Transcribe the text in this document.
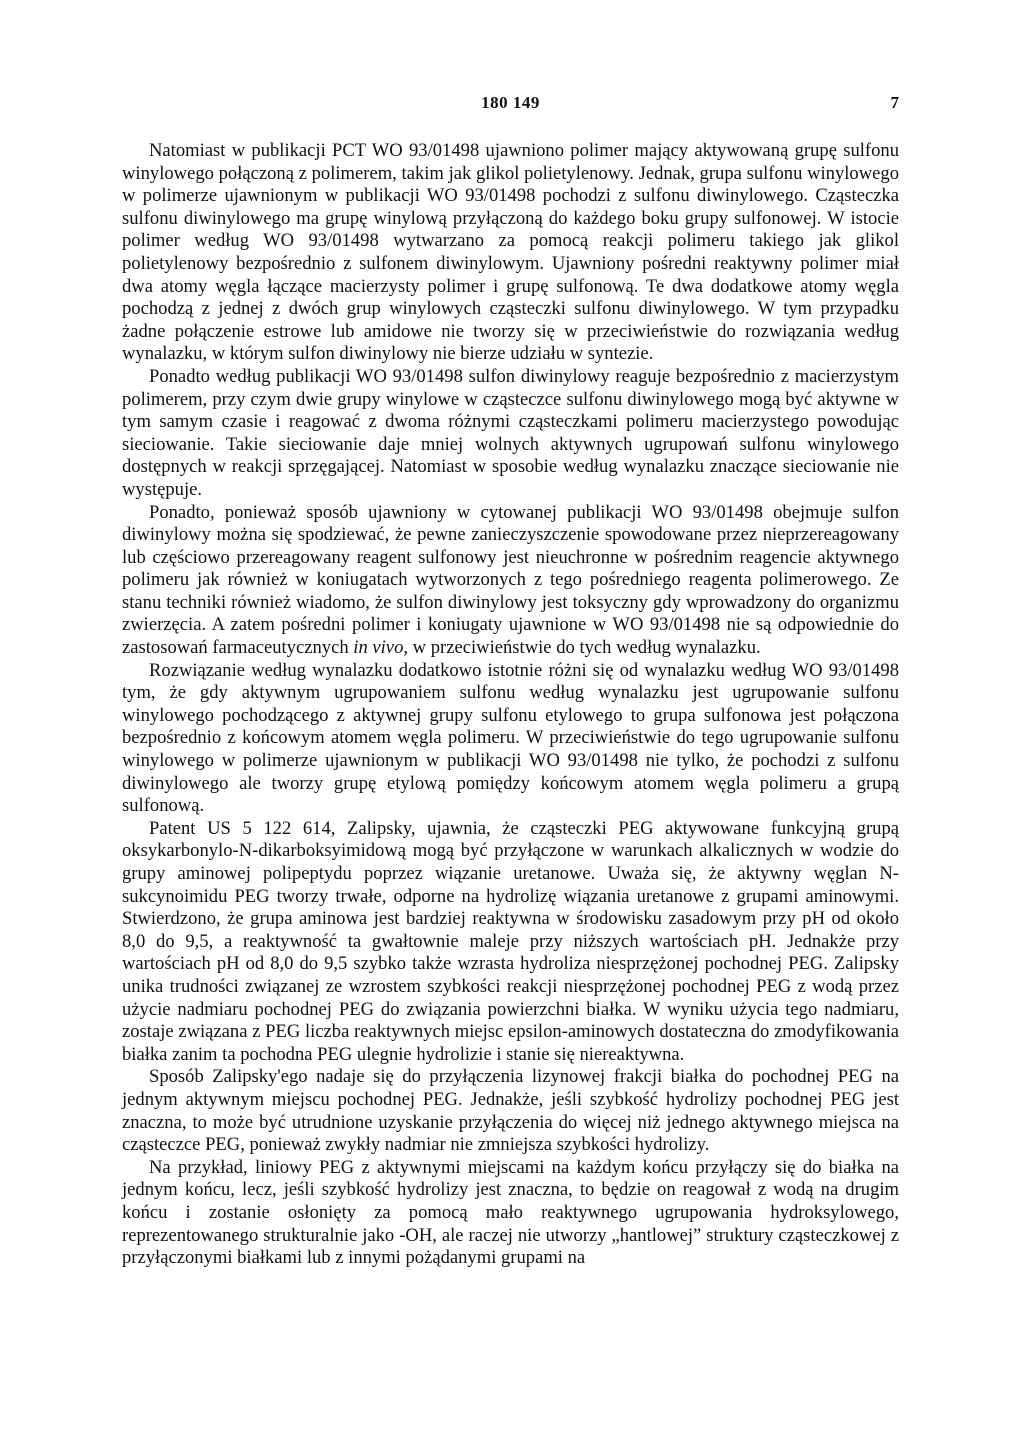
180 149	7

Natomiast w publikacji PCT WO 93/01498 ujawniono polimer mający aktywowaną grupę sulfonu winylowego połączoną z polimerem, takim jak glikol polietylenowy. Jednak, grupa sulfonu winylowego w polimerze ujawnionym w publikacji WO 93/01498 pochodzi z sulfonu diwinylowego. Cząsteczka sulfonu diwinylowego ma grupę winylową przyłączoną do każdego boku grupy sulfonowej. W istocie polimer według WO 93/01498 wytwarzano za pomocą reakcji polimeru takiego jak glikol polietylenowy bezpośrednio z sulfonem diwinylowym. Ujawniony pośredni reaktywny polimer miał dwa atomy węgla łączące macierzysty polimer i grupę sulfonową. Te dwa dodatkowe atomy węgla pochodzą z jednej z dwóch grup winylowych cząsteczki sulfonu diwinylowego. W tym przypadku żadne połączenie estrowe lub amidowe nie tworzy się w przeciwieństwie do rozwiązania według wynalazku, w którym sulfon diwinylowy nie bierze udziału w syntezie.

Ponadto według publikacji WO 93/01498 sulfon diwinylowy reaguje bezpośrednio z macierzystym polimerem, przy czym dwie grupy winylowe w cząsteczce sulfonu diwinylowego mogą być aktywne w tym samym czasie i reagować z dwoma różnymi cząsteczkami polimeru macierzystego powodując sieciowanie. Takie sieciowanie daje mniej wolnych aktywnych ugrupowań sulfonu winylowego dostępnych w reakcji sprzęgającej. Natomiast w sposobie według wynalazku znaczące sieciowanie nie występuje.

Ponadto, ponieważ sposób ujawniony w cytowanej publikacji WO 93/01498 obejmuje sulfon diwinylowy można się spodziewać, że pewne zanieczyszczenie spowodowane przez nieprzereagowany lub częściowo przereagowany reagent sulfonowy jest nieuchronne w pośrednim reagencie aktywnego polimeru jak również w koniugatach wytworzonych z tego pośredniego reagenta polimerowego. Ze stanu techniki również wiadomo, że sulfon diwinylowy jest toksyczny gdy wprowadzony do organizmu zwierzęcia. A zatem pośredni polimer i koniugaty ujawnione w WO 93/01498 nie są odpowiednie do zastosowań farmaceutycznych in vivo, w przeciwieństwie do tych według wynalazku.

Rozwiązanie według wynalazku dodatkowo istotnie różni się od wynalazku według WO 93/01498 tym, że gdy aktywnym ugrupowaniem sulfonu według wynalazku jest ugrupowanie sulfonu winylowego pochodzącego z aktywnej grupy sulfonu etylowego to grupa sulfonowa jest połączona bezpośrednio z końcowym atomem węgla polimeru. W przeciwieństwie do tego ugrupowanie sulfonu winylowego w polimerze ujawnionym w publikacji WO 93/01498 nie tylko, że pochodzi z sulfonu diwinylowego ale tworzy grupę etylową pomiędzy końcowym atomem węgla polimeru a grupą sulfonową.

Patent US 5 122 614, Zalipsky, ujawnia, że cząsteczki PEG aktywowane funkcyjną grupą oksykarbonylo-N-dikarboksyimidową mogą być przyłączone w warunkach alkalicznych w wodzie do grupy aminowej polipeptydu poprzez wiązanie uretanowe. Uważa się, że aktywny węglan N-sukcynoimidu PEG tworzy trwałe, odporne na hydrolizę wiązania uretanowe z grupami aminowymi. Stwierdzono, że grupa aminowa jest bardziej reaktywna w środowisku zasadowym przy pH od około 8,0 do 9,5, a reaktywność ta gwałtownie maleje przy niższych wartościach pH. Jednakże przy wartościach pH od 8,0 do 9,5 szybko także wzrasta hydroliza niesprzężonej pochodnej PEG. Zalipsky unika trudności związanej ze wzrostem szybkości reakcji niesprzężonej pochodnej PEG z wodą przez użycie nadmiaru pochodnej PEG do związania powierzchni białka. W wyniku użycia tego nadmiaru, zostaje związana z PEG liczba reaktywnych miejsc epsilon-aminowych dostateczna do zmodyfikowania białka zanim ta pochodna PEG ulegnie hydrolizie i stanie się niereaktywna.

Sposób Zalipsky'ego nadaje się do przyłączenia lizynowej frakcji białka do pochodnej PEG na jednym aktywnym miejscu pochodnej PEG. Jednakże, jeśli szybkość hydrolizy pochodnej PEG jest znaczna, to może być utrudnione uzyskanie przyłączenia do więcej niż jednego aktywnego miejsca na cząsteczce PEG, ponieważ zwykły nadmiar nie zmniejsza szybkości hydrolizy.

Na przykład, liniowy PEG z aktywnymi miejscami na każdym końcu przyłączy się do białka na jednym końcu, lecz, jeśli szybkość hydrolizy jest znaczna, to będzie on reagował z wodą na drugim końcu i zostanie osłonięty za pomocą mało reaktywnego ugrupowania hydroksylowego, reprezentowanego strukturalnie jako -OH, ale raczej nie utworzy „hantlowej” struktury cząsteczkowej z przyłączonymi białkami lub z innymi pożądanymi grupami na
